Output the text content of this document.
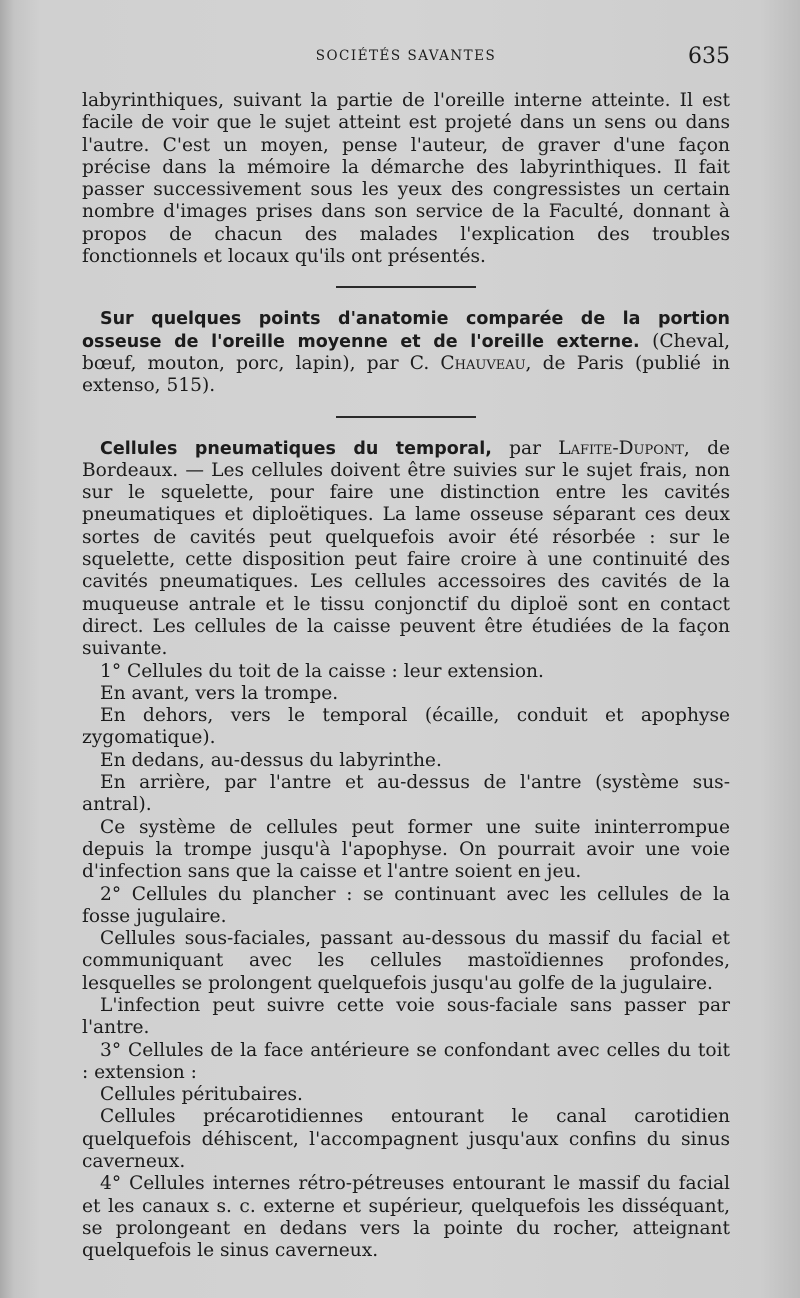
SOCIÉTÉS SAVANTES	635

labyrinthiques, suivant la partie de l'oreille interne atteinte. Il est facile de voir que le sujet atteint est projeté dans un sens ou dans l'autre. C'est un moyen, pense l'auteur, de graver d'une façon précise dans la mémoire la démarche des labyrinthiques. Il fait passer successivement sous les yeux des congressistes un certain nombre d'images prises dans son service de la Faculté, donnant à propos de chacun des malades l'explication des troubles fonctionnels et locaux qu'ils ont présentés.

Sur quelques points d'anatomie comparée de la portion osseuse de l'oreille moyenne et de l'oreille externe. (Cheval, bœuf, mouton, porc, lapin), par C. Chauveau, de Paris (publié in extenso, 515).

Cellules pneumatiques du temporal, par Lafite-Dupont, de Bordeaux. — Les cellules doivent être suivies sur le sujet frais, non sur le squelette, pour faire une distinction entre les cavités pneumatiques et diploëtiques. La lame osseuse séparant ces deux sortes de cavités peut quelquefois avoir été résorbée : sur le squelette, cette disposition peut faire croire à une continuité des cavités pneumatiques. Les cellules accessoires des cavités de la muqueuse antrale et le tissu conjonctif du diploë sont en contact direct. Les cellules de la caisse peuvent être étudiées de la façon suivante.

1° Cellules du toit de la caisse : leur extension.

En avant, vers la trompe.

En dehors, vers le temporal (écaille, conduit et apophyse zygomatique).

En dedans, au-dessus du labyrinthe.

En arrière, par l'antre et au-dessus de l'antre (système sus-antral).

Ce système de cellules peut former une suite ininterrompue depuis la trompe jusqu'à l'apophyse. On pourrait avoir une voie d'infection sans que la caisse et l'antre soient en jeu.

2° Cellules du plancher : se continuant avec les cellules de la fosse jugulaire.

Cellules sous-faciales, passant au-dessous du massif du facial et communiquant avec les cellules mastoïdiennes profondes, lesquelles se prolongent quelquefois jusqu'au golfe de la jugulaire.

L'infection peut suivre cette voie sous-faciale sans passer par l'antre.

3° Cellules de la face antérieure se confondant avec celles du toit : extension :

Cellules péritubaires.

Cellules précarotidiennes entourant le canal carotidien quelquefois déhiscent, l'accompagnent jusqu'aux confins du sinus caverneux.

4° Cellules internes rétro-pétreuses entourant le massif du facial et les canaux s. c. externe et supérieur, quelquefois les disséquant, se prolongeant en dedans vers la pointe du rocher, atteignant quelquefois le sinus caverneux.
